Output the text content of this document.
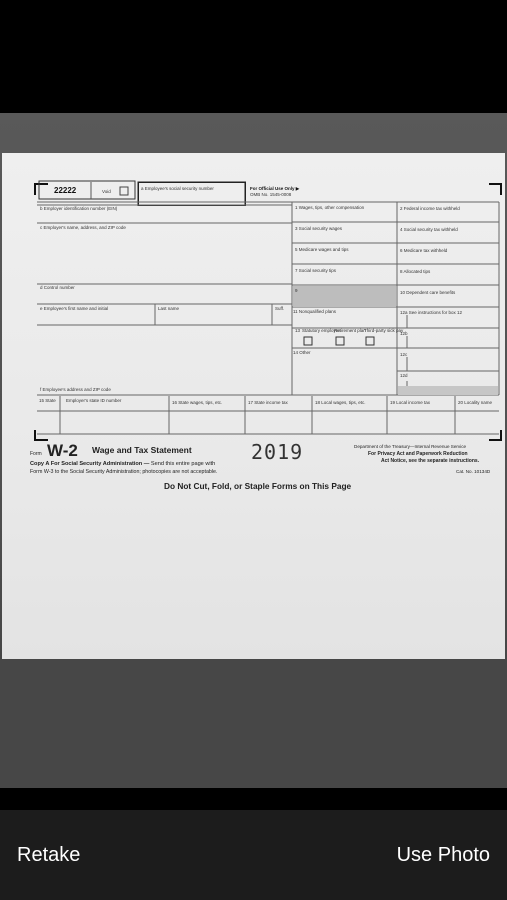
22222	Void
a Employee's social security number	For Official Use Only ▶
OMB No. 1545-0008
b Employer identification number (EIN)
c Employer's name, address, and ZIP code
d Control number
e Employee's first name and initial	Last name	Suff.
f Employee's address and ZIP code
1 Wages, tips, other compensation	2 Federal income tax withheld
3 Social security wages	4 Social security tax withheld
5 Medicare wages and tips	6 Medicare tax withheld
7 Social security tips	8 Allocated tips
9	10 Dependent care benefits
11 Nonqualified plans	12a See instructions for box 12
13 Statutory employee
Retirement plan
Third-party sick pay
12b
14 Other	12c
12d
15 State Employer's state ID number	16 State wages, tips, etc.	17 State income tax	18 Local wages, tips, etc.	19 Local income tax	20 Locality name
Form W-2 Wage and Tax Statement	2019	Department of the Treasury—Internal Revenue Service
For Privacy Act and Paperwork Reduction
Act Notice, see the separate instructions.
Cat. No. 10134D
Copy A For Social Security Administration — Send this entire page with
Form W-3 to the Social Security Administration; photocopies are not acceptable.
Do Not Cut, Fold, or Staple Forms on This Page
Retake	Use Photo
